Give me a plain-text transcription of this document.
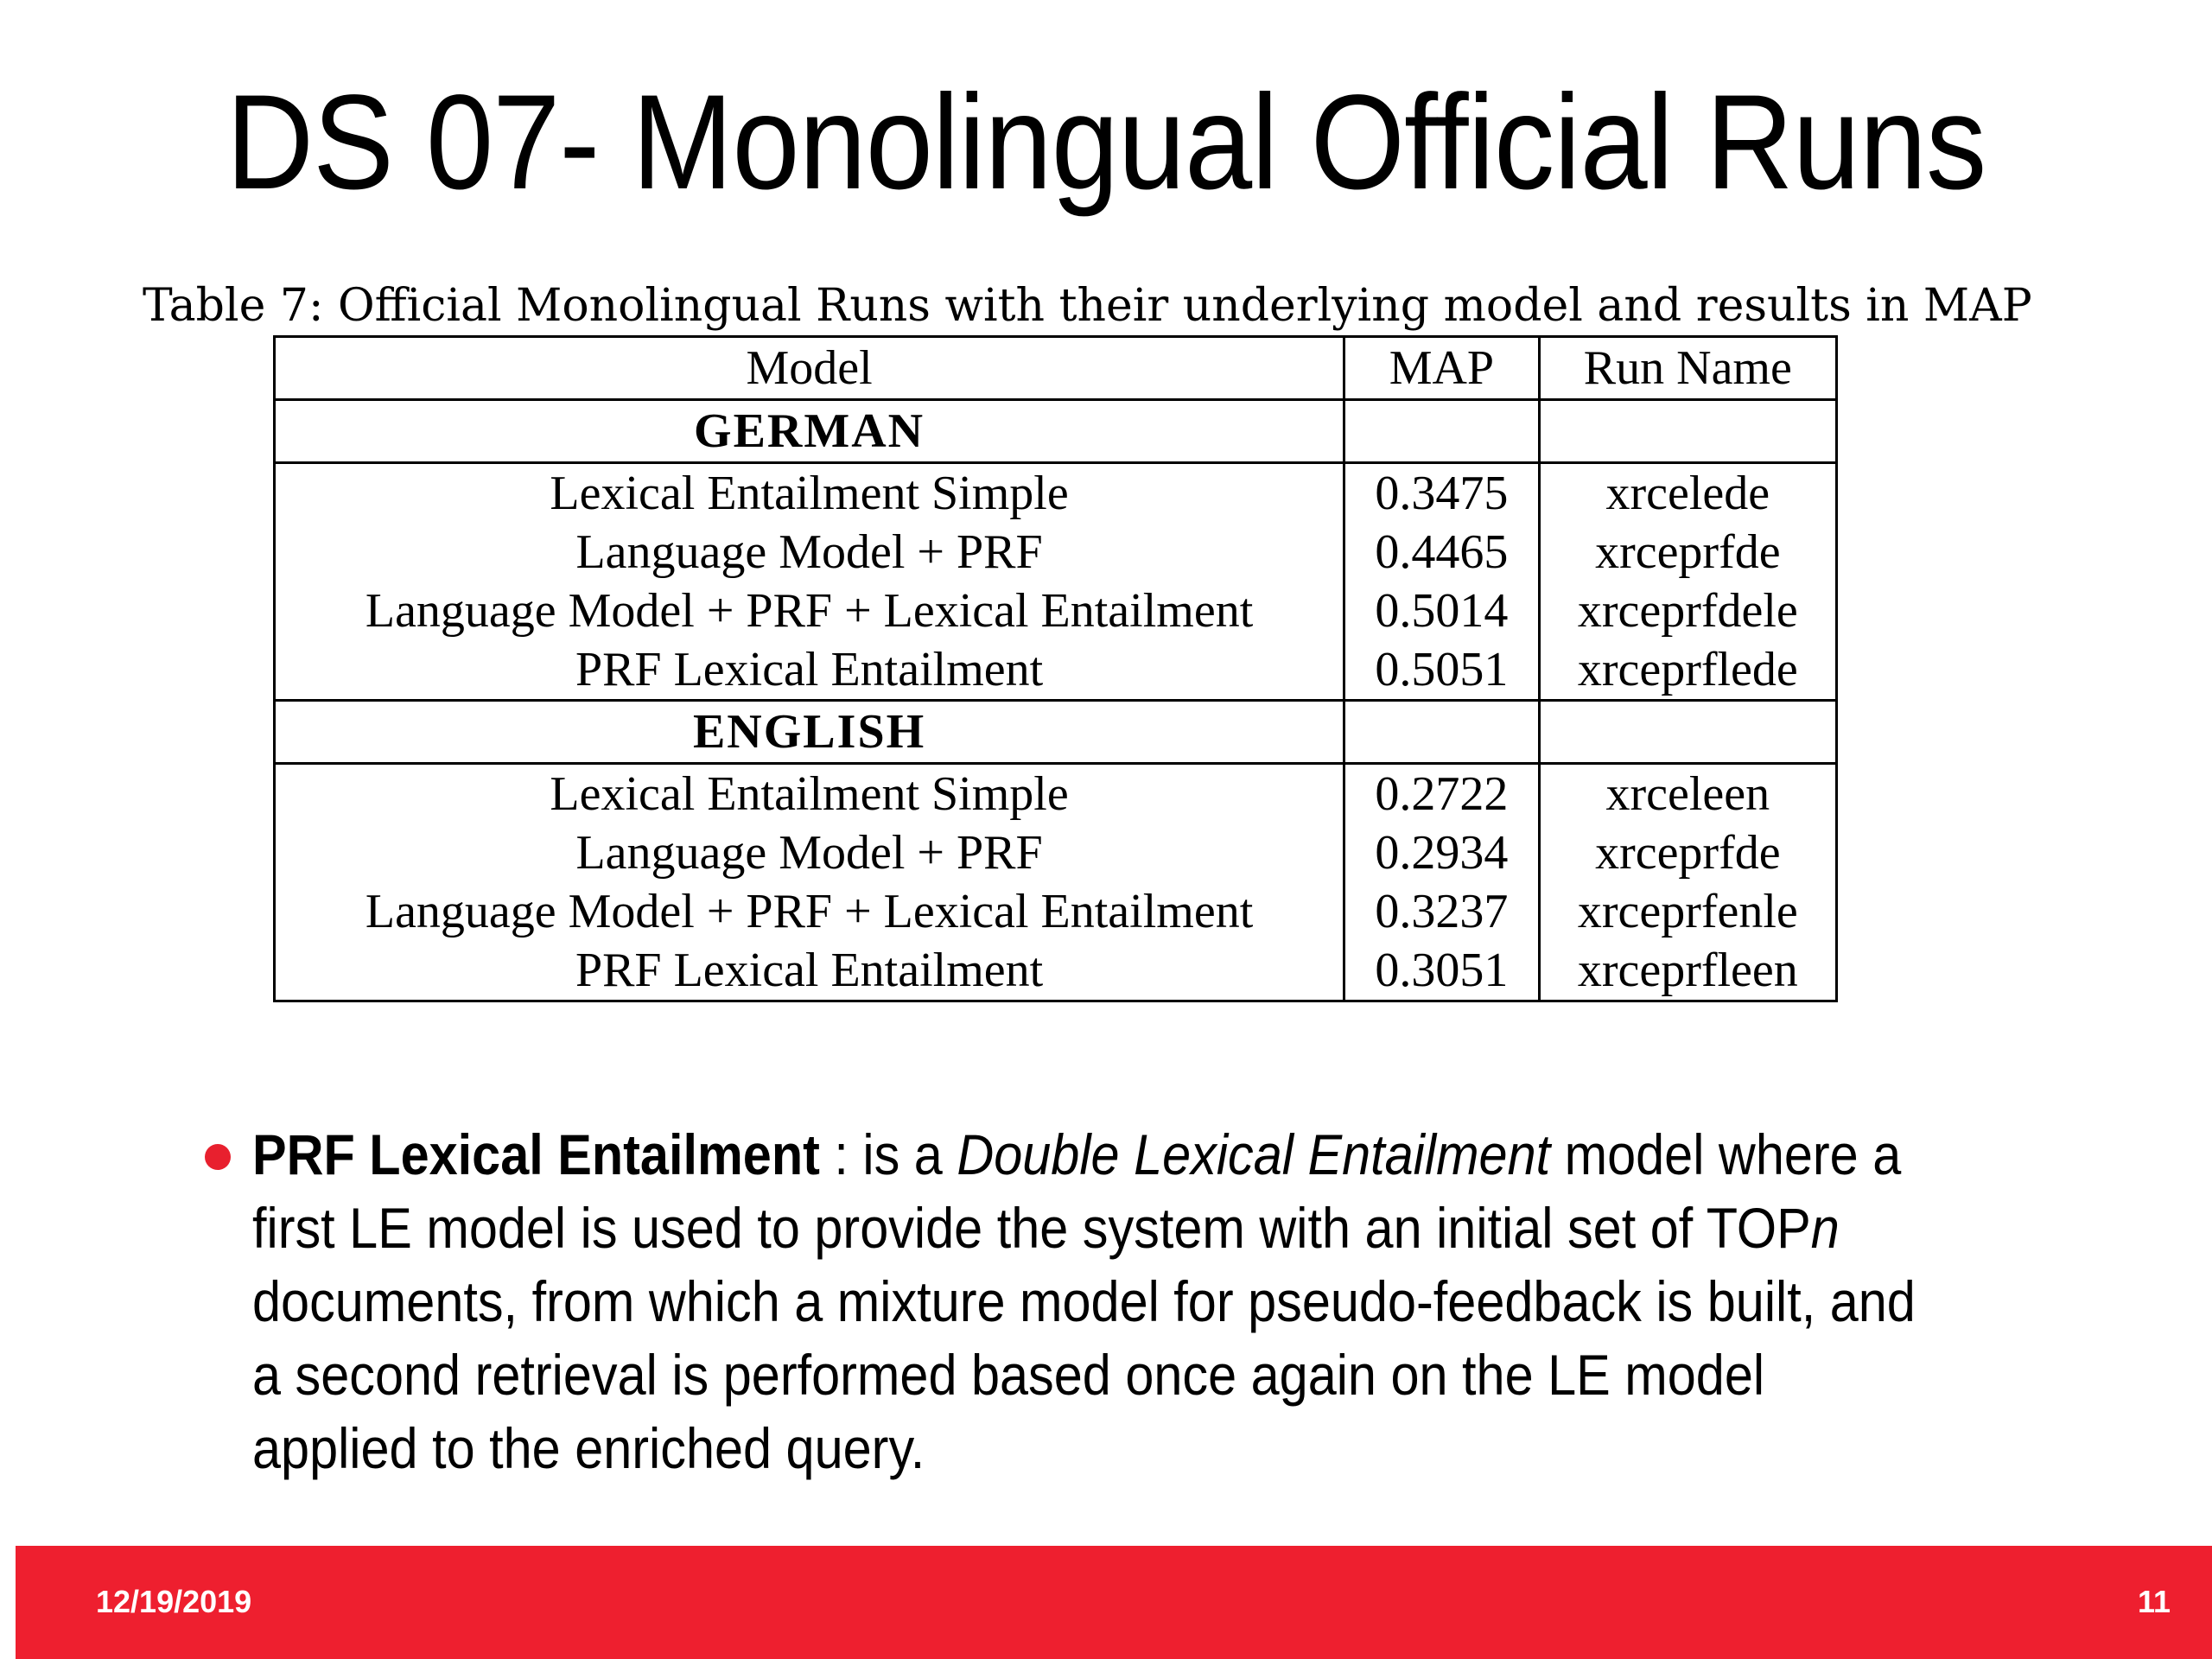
DS 07- Monolingual Official Runs
Table 7: Official Monolingual Runs with their underlying model and results in MAP
Model	MAP	Run Name
GERMAN		
Lexical Entailment Simple	0.3475	xrcelede
Language Model + PRF	0.4465	xrceprfde
Language Model + PRF + Lexical Entailment	0.5014	xrceprfdele
PRF Lexical Entailment	0.5051	xrceprflede
ENGLISH		
Lexical Entailment Simple	0.2722	xrceleen
Language Model + PRF	0.2934	xrceprfde
Language Model + PRF + Lexical Entailment	0.3237	xrceprfenle
PRF Lexical Entailment	0.3051	xrceprfleen
PRF Lexical Entailment : is a Double Lexical Entailment model where a first LE model is used to provide the system with an initial set of TOPn documents, from which a mixture model for pseudo-feedback is built, and a second retrieval is performed based once again on the LE model applied to the enriched query.
12/19/2019	11
